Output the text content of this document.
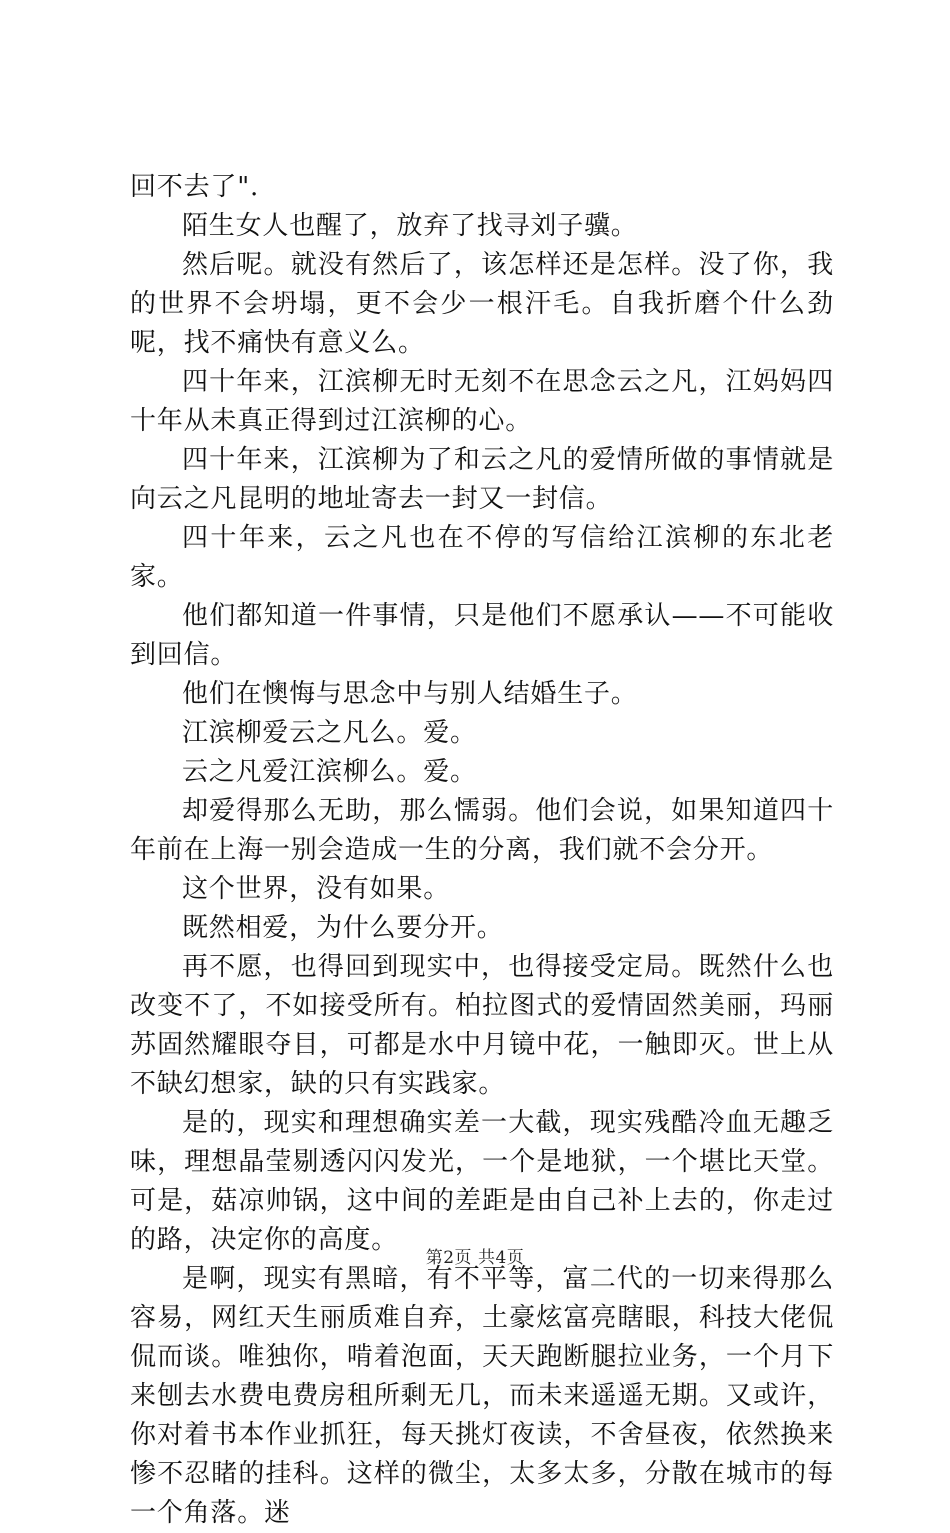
回不去了".

陌生女人也醒了，放弃了找寻刘子骥。

然后呢。就没有然后了，该怎样还是怎样。没了你，我的世界不会坍塌，更不会少一根汗毛。自我折磨个什么劲呢，找不痛快有意义么。

四十年来，江滨柳无时无刻不在思念云之凡，江妈妈四十年从未真正得到过江滨柳的心。

四十年来，江滨柳为了和云之凡的爱情所做的事情就是向云之凡昆明的地址寄去一封又一封信。

四十年来，云之凡也在不停的写信给江滨柳的东北老家。

他们都知道一件事情，只是他们不愿承认——不可能收到回信。

他们在懊悔与思念中与别人结婚生子。

江滨柳爱云之凡么。爱。

云之凡爱江滨柳么。爱。

却爱得那么无助，那么懦弱。他们会说，如果知道四十年前在上海一别会造成一生的分离，我们就不会分开。

这个世界，没有如果。

既然相爱，为什么要分开。

再不愿，也得回到现实中，也得接受定局。既然什么也改变不了，不如接受所有。柏拉图式的爱情固然美丽，玛丽苏固然耀眼夺目，可都是水中月镜中花，一触即灭。世上从不缺幻想家，缺的只有实践家。

是的，现实和理想确实差一大截，现实残酷冷血无趣乏味，理想晶莹剔透闪闪发光，一个是地狱，一个堪比天堂。可是，菇凉帅锅，这中间的差距是由自己补上去的，你走过的路，决定你的高度。

是啊，现实有黑暗，有不平等，富二代的一切来得那么容易，网红天生丽质难自弃，土豪炫富亮瞎眼，科技大佬侃侃而谈。唯独你，啃着泡面，天天跑断腿拉业务，一个月下来刨去水费电费房租所剩无几，而未来遥遥无期。又或许，你对着书本作业抓狂，每天挑灯夜读，不舍昼夜，依然换来惨不忍睹的挂科。这样的微尘，太多太多，分散在城市的每一个角落。迷

第2页 共4页
